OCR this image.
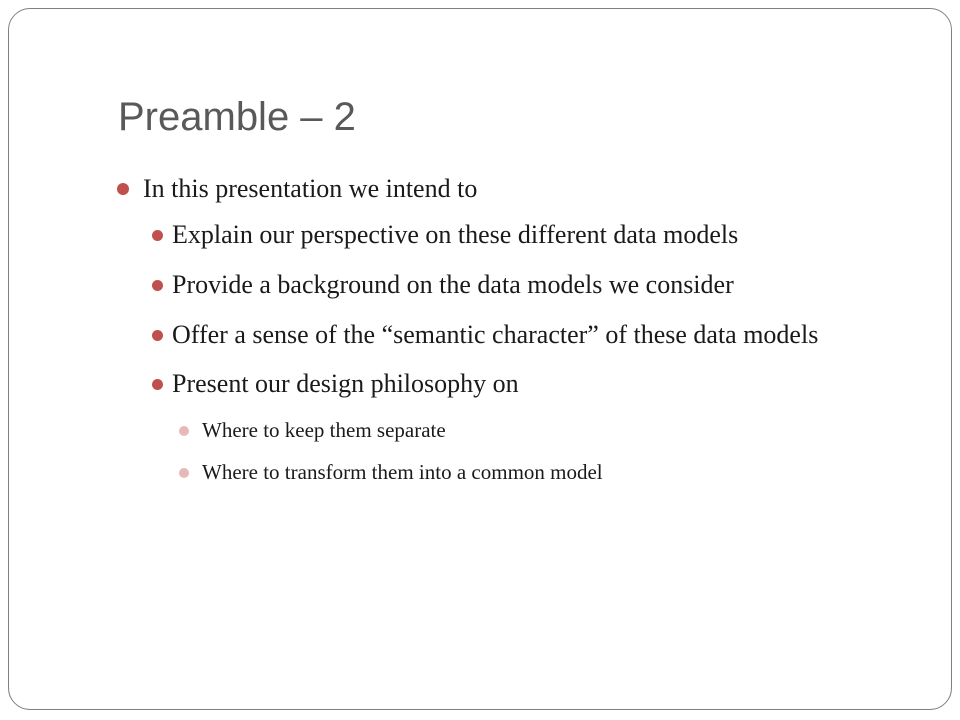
Preamble – 2
In this presentation we intend to
Explain our perspective on these different data models
Provide a background on the data models we consider
Offer a sense of the “semantic character” of these data models
Present our design philosophy on
Where to keep them separate
Where to transform them into a common model
